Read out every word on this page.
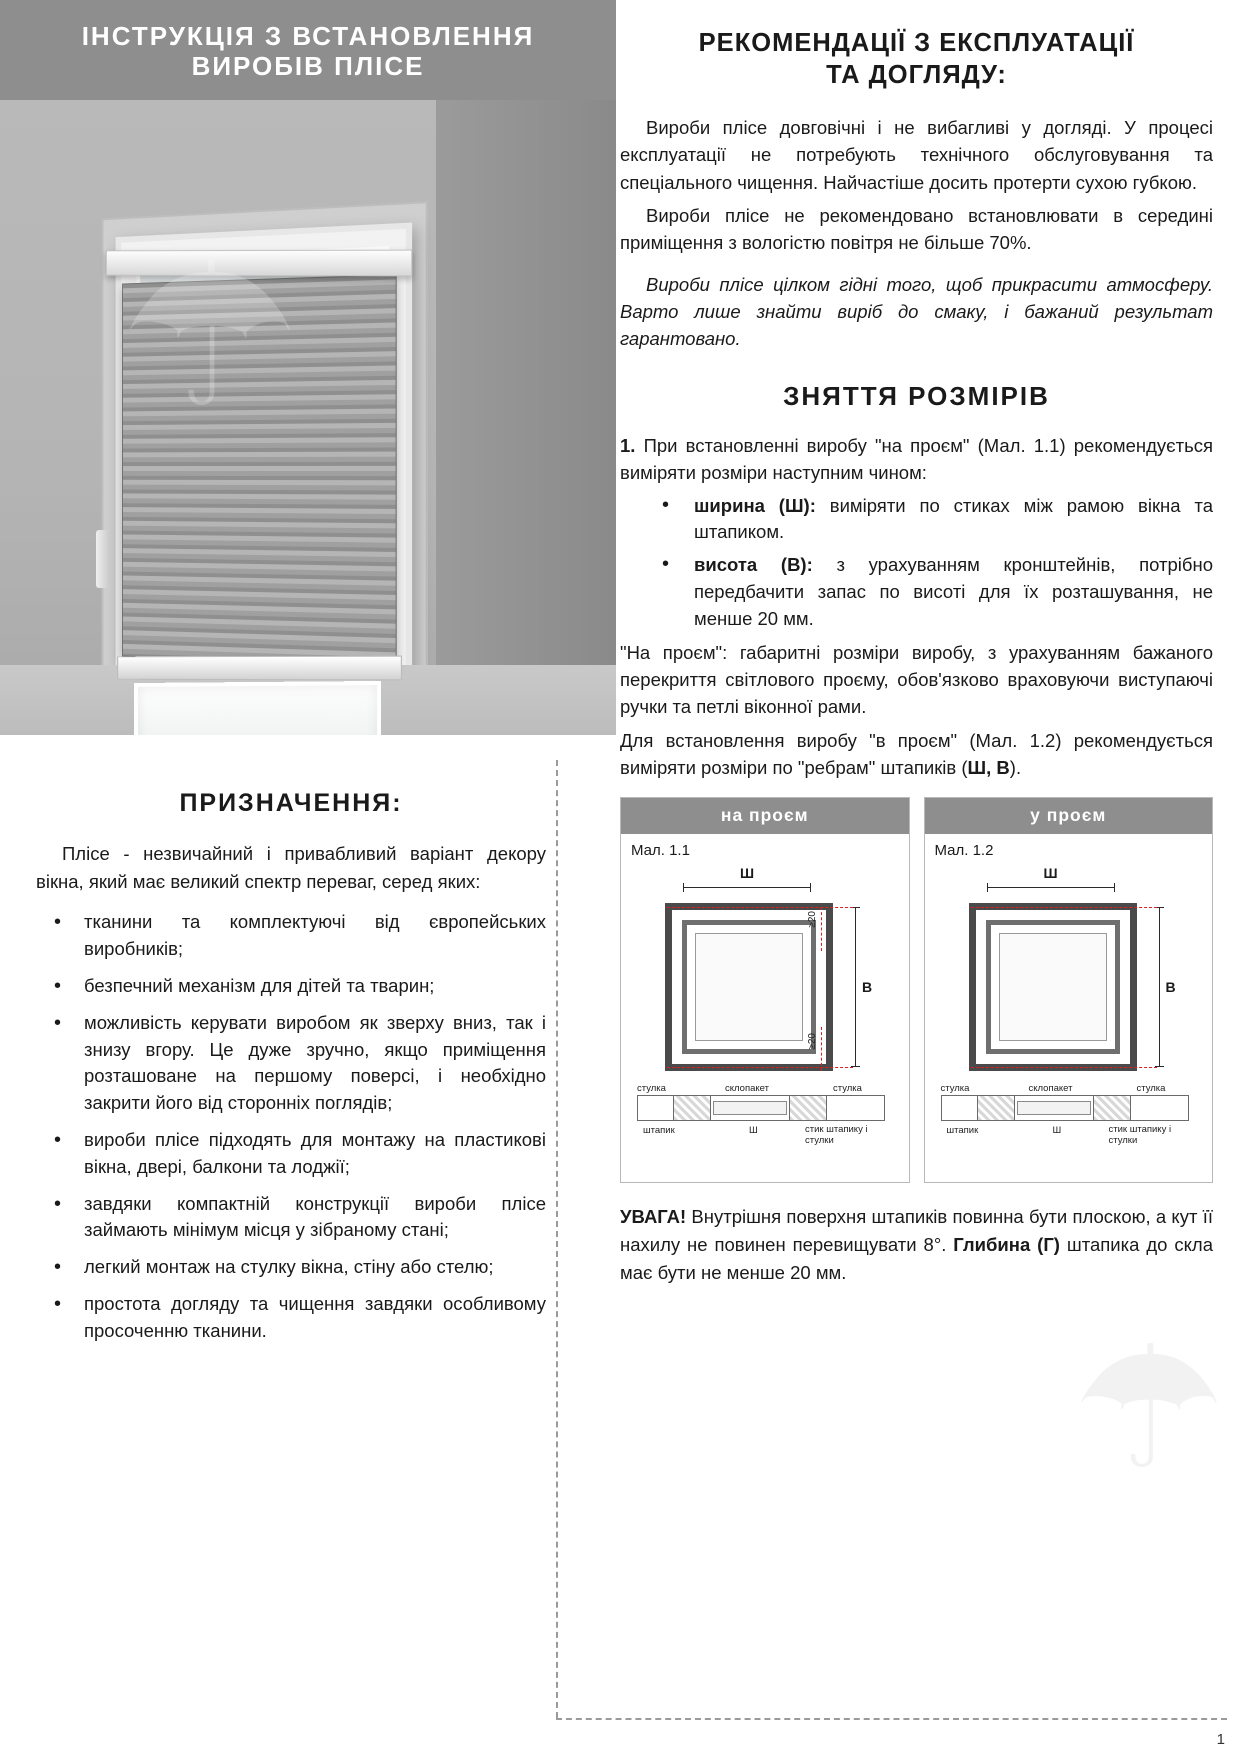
ІНСТРУКЦІЯ З ВСТАНОВЛЕННЯ
ВИРОБІВ ПЛІСЕ
☂
ПРИЗНАЧЕННЯ:

Плісе - незвичайний і привабливий варіант декору вікна, який має великий спектр переваг, серед яких:

• тканини та комплектуючі від європейських виробників;
• безпечний механізм для дітей та тварин;
• можливість керувати виробом як зверху вниз, так і знизу вгору. Це дуже зручно, якщо приміщення розташоване на першому поверсі, і необхідно закрити його від сторонніх поглядів;
• вироби плісе підходять для монтажу на пластикові вікна, двері, балкони та лоджії;
• завдяки компактній конструкції вироби плісе займають мінімум місця у зібраному стані;
• легкий монтаж на стулку вікна, стіну або стелю;
• простота догляду та чищення завдяки особливому просоченню тканини.
РЕКОМЕНДАЦІЇ З ЕКСПЛУАТАЦІЇ
ТА ДОГЛЯДУ:

Вироби плісе довговічні і не вибагливі у догляді. У процесі експлуатації не потребують технічного обслуговування та спеціального чищення. Найчастіше досить протерти сухою губкою.

Вироби плісе не рекомендовано встановлювати в середині приміщення з вологістю повітря не більше 70%.

Вироби плісе цілком гідні того, щоб прикрасити атмосферу. Варто лише знайти виріб до смаку, і бажаний результат гарантовано.

ЗНЯТТЯ РОЗМІРІВ

1. При встановленні виробу "на проєм" (Мал. 1.1) рекомендується виміряти розміри наступним чином:

• ширина (Ш): виміряти по стиках між рамою вікна та штапиком.
• висота (В): з урахуванням кронштейнів, потрібно передбачити запас по висоті для їх розташування, не менше 20 мм.

"На проєм": габаритні розміри виробу, з урахуванням бажаного перекриття світлового проєму, обов'язково враховуючи виступаючі ручки та петлі віконної рами.

Для встановлення виробу "в проєм" (Мал. 1.2) рекомендується виміряти розміри по "ребрам" штапиків (Ш, В).

на проєм
Мал. 1.1
Ш
В
≥20
≥20
стулка	склопакет	стулка
штапик	Ш	стик штапику і стулки
у проєм
Мал. 1.2
Ш
В
стулка	склопакет	стулка
штапик	Ш	стик штапику і стулки

УВАГА! Внутрішня поверхня штапиків повинна бути плоскою, а кут її нахилу не повинен перевищувати 8°. Глибина (Г) штапика до скла має бути не менше 20 мм.

☂
1
